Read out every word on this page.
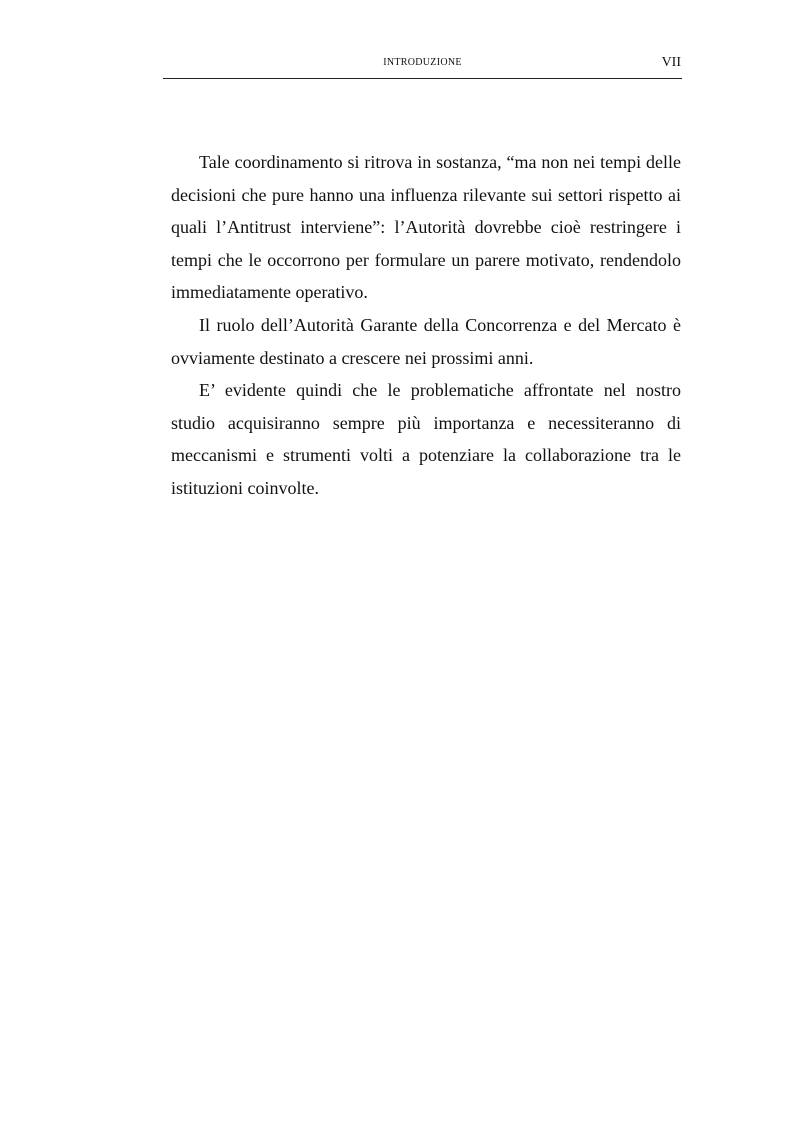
INTRODUZIONE	VII

Tale coordinamento si ritrova in sostanza, “ma non nei tempi delle decisioni che pure hanno una influenza rilevante sui settori rispetto ai quali l’Antitrust interviene”: l’Autorità dovrebbe cioè restringere i tempi che le occorrono per formulare un parere motivato, rendendolo immediatamente operativo.

Il ruolo dell’Autorità Garante della Concorrenza e del Mercato è ovviamente destinato a crescere nei prossimi anni.

E’ evidente quindi che le problematiche affrontate nel nostro studio acquisiranno sempre più importanza e necessiteranno di meccanismi e strumenti volti a potenziare la collaborazione tra le istituzioni coinvolte.
